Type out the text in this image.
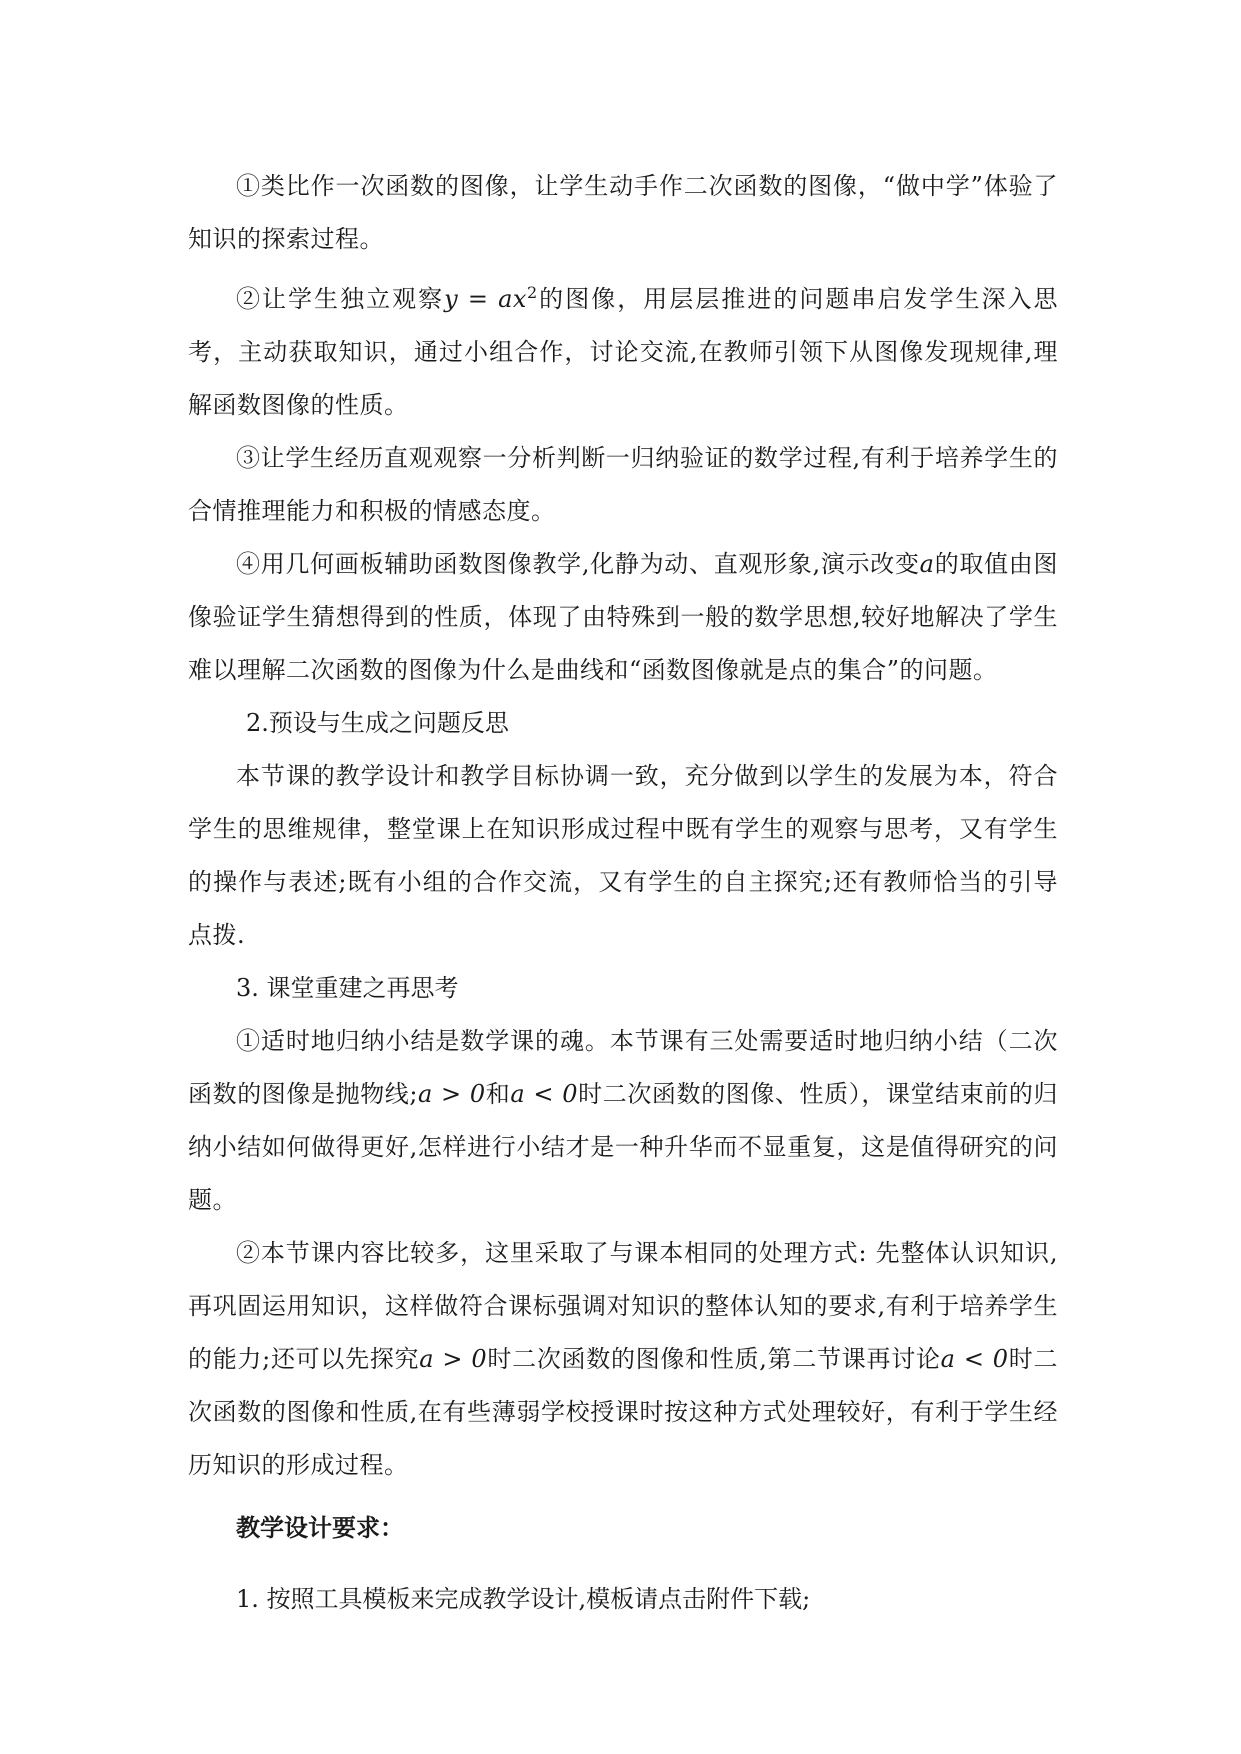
①类比作一次函数的图像，让学生动手作二次函数的图像，“做中学”体验了知识的探索过程。

②让学生独立观察$y = ax^2$的图像，用层层推进的问题串启发学生深入思考，主动获取知识，通过小组合作，讨论交流,在教师引领下从图像发现规律,理解函数图像的性质。

③让学生经历直观观察一分析判断一归纳验证的数学过程,有利于培养学生的合情推理能力和积极的情感态度。

④用几何画板辅助函数图像教学,化静为动、直观形象,演示改变a的取值由图像验证学生猜想得到的性质，体现了由特殊到一般的数学思想,较好地解决了学生难以理解二次函数的图像为什么是曲线和“函数图像就是点的集合”的问题。

2.预设与生成之问题反思

本节课的教学设计和教学目标协调一致，充分做到以学生的发展为本，符合学生的思维规律，整堂课上在知识形成过程中既有学生的观察与思考，又有学生的操作与表述;既有小组的合作交流，又有学生的自主探究;还有教师恰当的引导点拨.

3. 课堂重建之再思考

①适时地归纳小结是数学课的魂。本节课有三处需要适时地归纳小结（二次函数的图像是抛物线;a > 0和a < 0时二次函数的图像、性质），课堂结束前的归纳小结如何做得更好,怎样进行小结才是一种升华而不显重复，这是值得研究的问题。

②本节课内容比较多，这里采取了与课本相同的处理方式: 先整体认识知识,再巩固运用知识，这样做符合课标强调对知识的整体认知的要求,有利于培养学生的能力;还可以先探究a > 0时二次函数的图像和性质,第二节课再讨论a < 0时二次函数的图像和性质,在有些薄弱学校授课时按这种方式处理较好，有利于学生经历知识的形成过程。

教学设计要求：

1. 按照工具模板来完成教学设计,模板请点击附件下载;
